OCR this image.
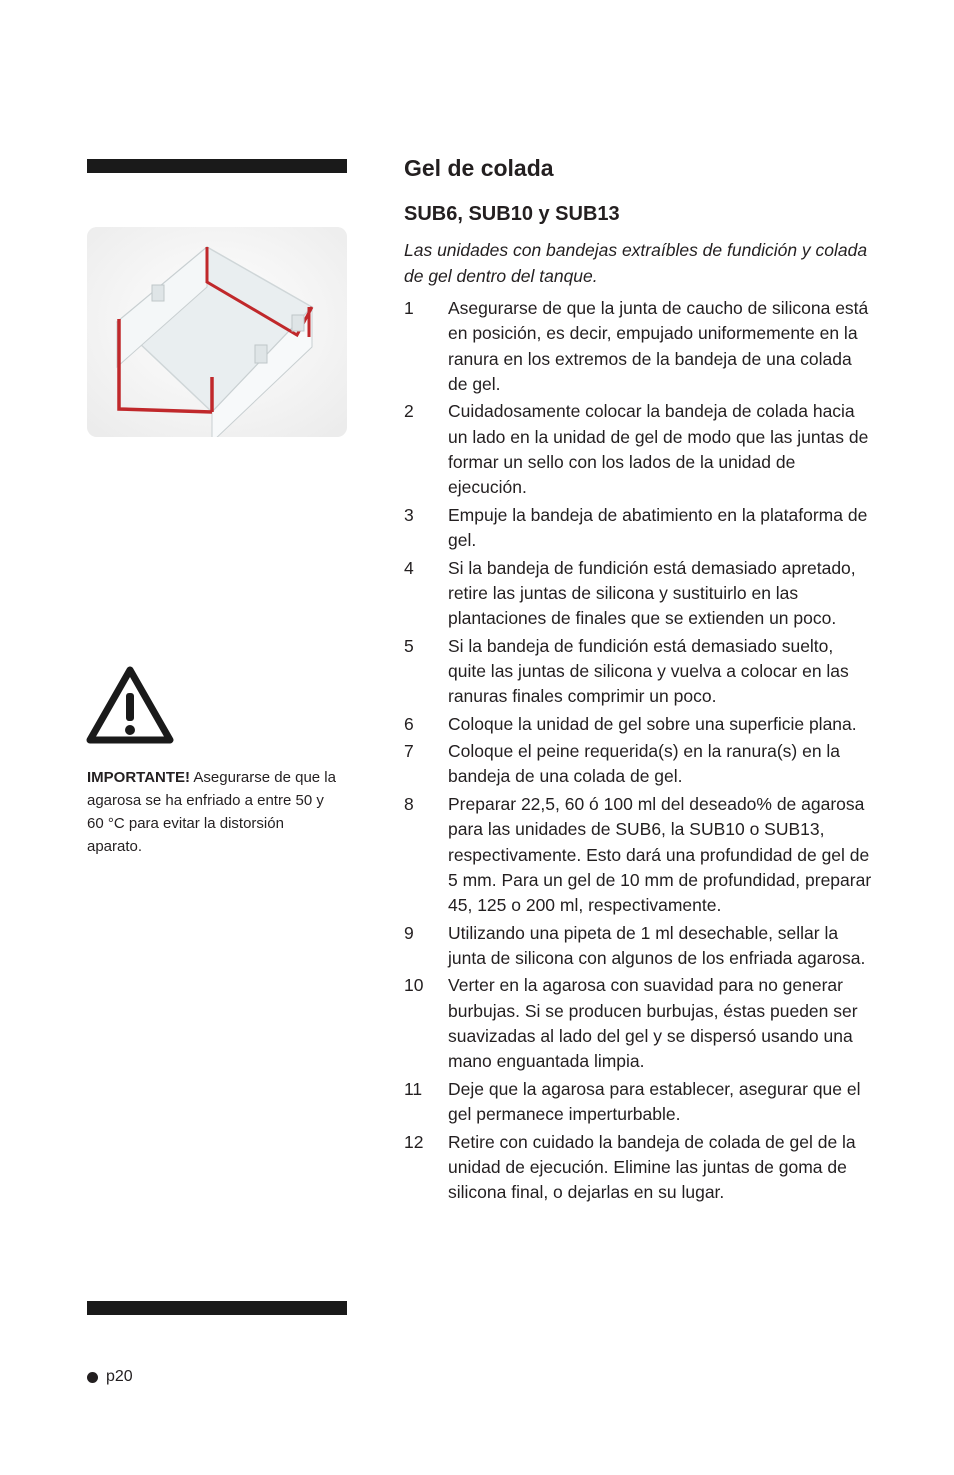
IMPORTANTE! Asegurarse de que la agarosa se ha enfriado a entre 50 y 60 °C para evitar la distorsión aparato.
Gel de colada
SUB6, SUB10 y SUB13
Las unidades con bandejas extraíbles de fundición y colada de gel dentro del tanque.
1	Asegurarse de que la junta de caucho de silicona está en posición, es decir, empujado uniformemente en la ranura en los extremos de la bandeja de una colada de gel.
2	Cuidadosamente colocar la bandeja de colada hacia un lado en la unidad de gel de modo que las juntas de formar un sello con los lados de la unidad de ejecución.
3	Empuje la bandeja de abatimiento en la plataforma de gel.
4	Si la bandeja de fundición está demasiado apretado, retire las juntas de silicona y sustituirlo en las plantaciones de finales que se extienden un poco.
5	Si la bandeja de fundición está demasiado suelto, quite las juntas de silicona y vuelva a colocar en las ranuras finales comprimir un poco.
6	Coloque la unidad de gel sobre una superficie plana.
7	Coloque el peine requerida(s) en la ranura(s) en la bandeja de una colada de gel.
8	Preparar 22,5, 60 ó 100 ml del deseado% de agarosa para las unidades de SUB6, la SUB10 o SUB13, respectivamente. Esto dará una profundidad de gel de 5 mm. Para un gel de 10 mm de profundidad, preparar 45, 125 o 200 ml, respectivamente.
9	Utilizando una pipeta de 1 ml desechable, sellar la junta de silicona con algunos de los enfriada agarosa.
10	Verter en la agarosa con suavidad para no generar burbujas. Si se producen burbujas, éstas pueden ser suavizadas al lado del gel y se dispersó usando una mano enguantada limpia.
11	Deje que la agarosa para establecer, asegurar que el gel permanece imperturbable.
12	Retire con cuidado la bandeja de colada de gel de la unidad de ejecución. Elimine las juntas de goma de silicona final, o dejarlas en su lugar.
p20
